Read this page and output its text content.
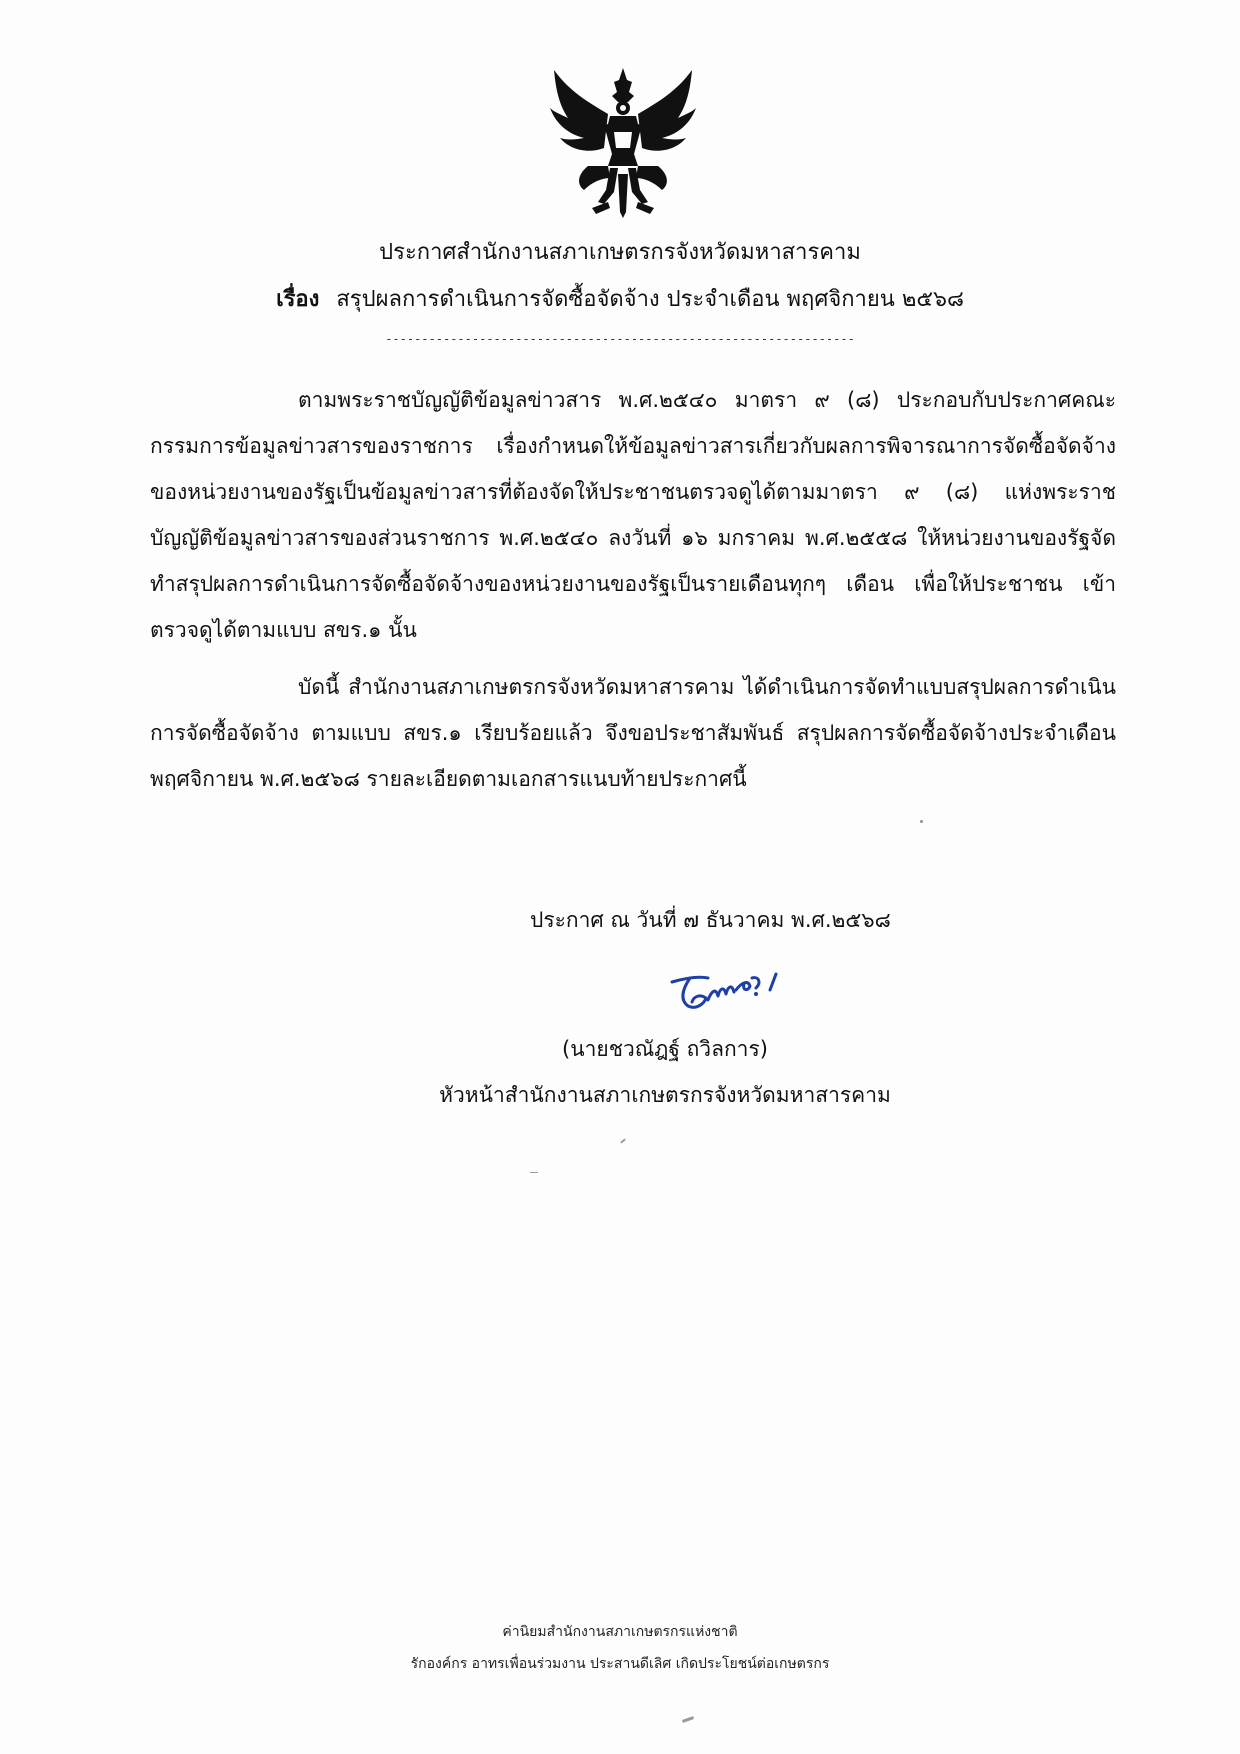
ประกาศสำนักงานสภาเกษตรกรจังหวัดมหาสารคาม
เรื่อง สรุปผลการดำเนินการจัดซื้อจัดจ้าง ประจำเดือน พฤศจิกายน ๒๕๖๘
-----------------------------------------------------------------

ตามพระราชบัญญัติข้อมูลข่าวสาร พ.ศ.๒๕๔๐ มาตรา ๙ (๘) ประกอบกับประกาศคณะกรรมการข้อมูลข่าวสารของราชการ เรื่องกำหนดให้ข้อมูลข่าวสารเกี่ยวกับผลการพิจารณาการจัดซื้อจัดจ้างของหน่วยงานของรัฐเป็นข้อมูลข่าวสารที่ต้องจัดให้ประชาชนตรวจดูได้ตามมาตรา ๙ (๘) แห่งพระราชบัญญัติข้อมูลข่าวสารของส่วนราชการ พ.ศ.๒๕๔๐ ลงวันที่ ๑๖ มกราคม พ.ศ.๒๕๕๘ ให้หน่วยงานของรัฐจัดทำสรุปผลการดำเนินการจัดซื้อจัดจ้างของหน่วยงานของรัฐเป็นรายเดือนทุกๆ เดือน เพื่อให้ประชาชน เข้าตรวจดูได้ตามแบบ สขร.๑ นั้น

บัดนี้ สำนักงานสภาเกษตรกรจังหวัดมหาสารคาม ได้ดำเนินการจัดทำแบบสรุปผลการดำเนินการจัดซื้อจัดจ้าง ตามแบบ สขร.๑ เรียบร้อยแล้ว จึงขอประชาสัมพันธ์ สรุปผลการจัดซื้อจัดจ้างประจำเดือน พฤศจิกายน พ.ศ.๒๕๖๘ รายละเอียดตามเอกสารแนบท้ายประกาศนี้

ประกาศ ณ วันที่ ๗ ธันวาคม พ.ศ.๒๕๖๘
(นายชวณัฎฐ์ ถวิลการ)
หัวหน้าสำนักงานสภาเกษตรกรจังหวัดมหาสารคาม
ค่านิยมสำนักงานสภาเกษตรกรแห่งชาติ
รักองค์กร อาทรเพื่อนร่วมงาน ประสานดีเลิศ เกิดประโยชน์ต่อเกษตรกร
